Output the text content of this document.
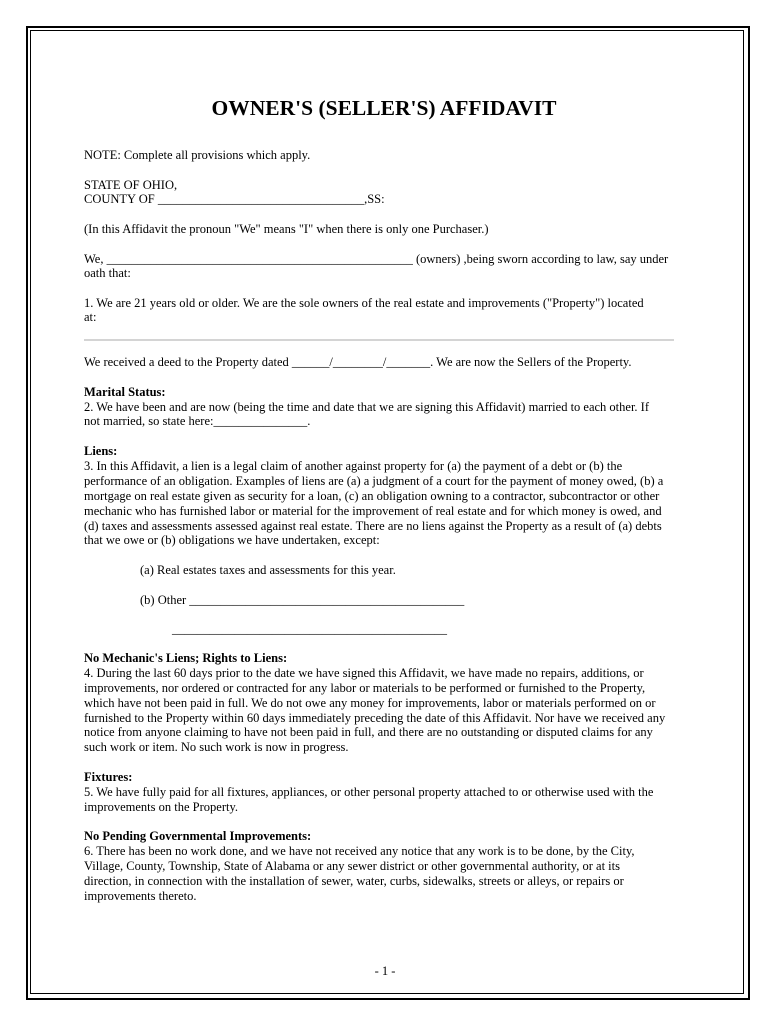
OWNER'S (SELLER'S) AFFIDAVIT
NOTE: Complete all provisions which apply.
STATE OF OHIO,
COUNTY OF _________________________________,SS:
(In this Affidavit the pronoun "We" means "I" when there is only one Purchaser.)
We, _________________________________________________ (owners) ,being sworn according to law, say under
oath that:
1. We are 21 years old or older. We are the sole owners of the real estate and improvements ("Property") located
at:
We received a deed to the Property dated ______/________/_______. We are now the Sellers of the Property.
Marital Status:
2. We have been and are now (being the time and date that we are signing this Affidavit) married to each other. If
not married, so state here:_______________.
Liens:
3. In this Affidavit, a lien is a legal claim of another against property for (a) the payment of a debt or (b) the
performance of an obligation. Examples of liens are (a) a judgment of a court for the payment of money owed, (b) a
mortgage on real estate given as security for a loan, (c) an obligation owning to a contractor, subcontractor or other
mechanic who has furnished labor or material for the improvement of real estate and for which money is owed, and
(d) taxes and assessments assessed against real estate. There are no liens against the Property as a result of (a) debts
that we owe or (b) obligations we have undertaken, except:
(a) Real estates taxes and assessments for this year.
(b) Other ____________________________________________
____________________________________________
No Mechanic's Liens; Rights to Liens:
4. During the last 60 days prior to the date we have signed this Affidavit, we have made no repairs, additions, or
improvements, nor ordered or contracted for any labor or materials to be performed or furnished to the Property,
which have not been paid in full. We do not owe any money for improvements, labor or materials performed on or
furnished to the Property within 60 days immediately preceding the date of this Affidavit. Nor have we received any
notice from anyone claiming to have not been paid in full, and there are no outstanding or disputed claims for any
such work or item. No such work is now in progress.
Fixtures:
5. We have fully paid for all fixtures, appliances, or other personal property attached to or otherwise used with the
improvements on the Property.
No Pending Governmental Improvements:
6. There has been no work done, and we have not received any notice that any work is to be done, by the City,
Village, County, Township, State of Alabama or any sewer district or other governmental authority, or at its
direction, in connection with the installation of sewer, water, curbs, sidewalks, streets or alleys, or repairs or
improvements thereto.
- 1 -
